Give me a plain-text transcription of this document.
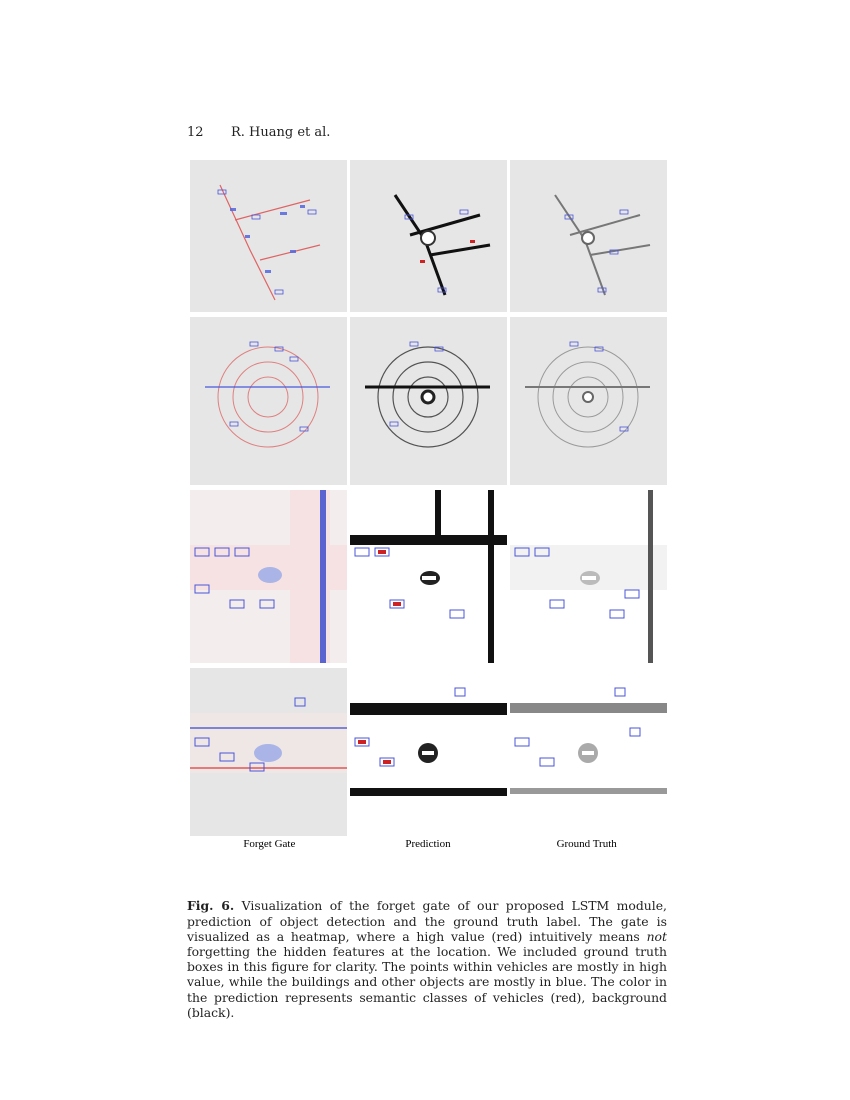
12 R. Huang et al.
Forget Gate	Prediction	Ground Truth

Fig. 6. Visualization of the forget gate of our proposed LSTM module, prediction of object detection and the ground truth label. The gate is visualized as a heatmap, where a high value (red) intuitively means not forgetting the hidden features at the location. We included ground truth boxes in this figure for clarity. The points within vehicles are mostly in high value, while the buildings and other objects are mostly in blue. The color in the prediction represents semantic classes of vehicles (red), background (black).
